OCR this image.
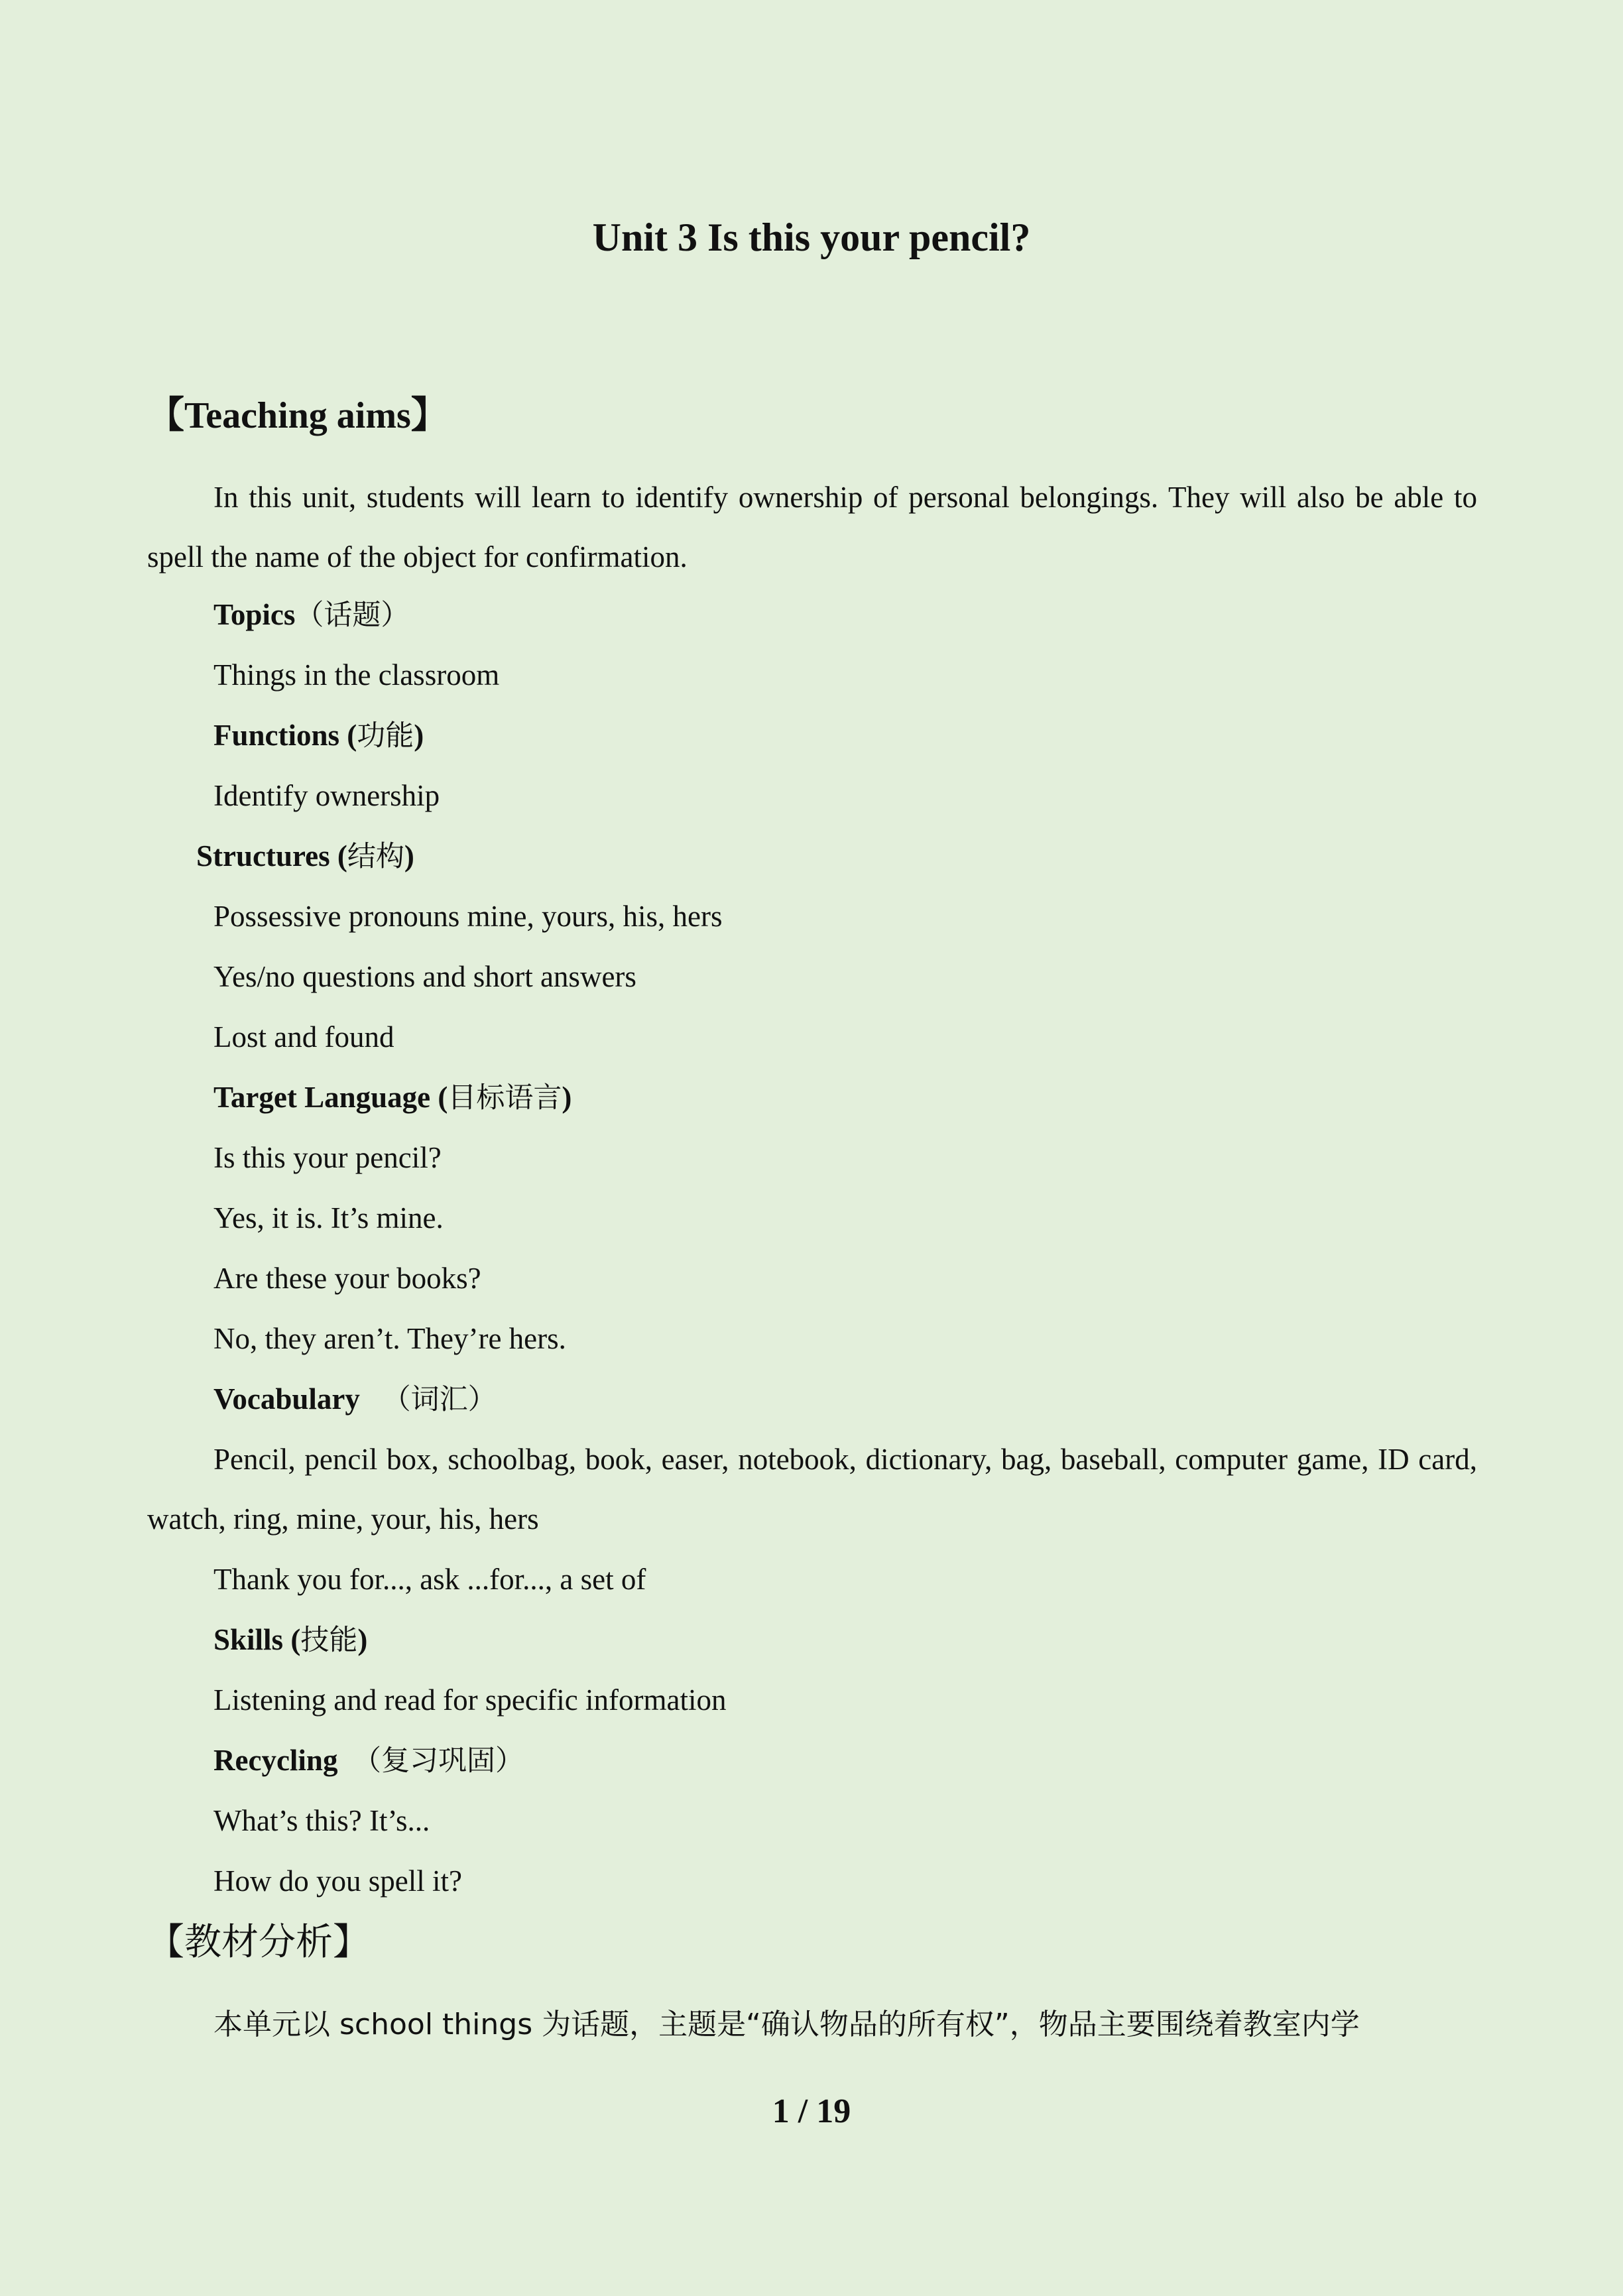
Unit 3 Is this your pencil?
【Teaching aims】
In this unit, students will learn to identify ownership of personal belongings. They will also be able to spell the name of the object for confirmation.
Topics（话题）
Things in the classroom
Functions (功能)
Identify ownership
Structures (结构)
Possessive pronouns mine, yours, his, hers
Yes/no questions and short answers
Lost and found
Target Language (目标语言)
Is this your pencil?
Yes, it is. It’s mine.
Are these your books?
No, they aren’t. They’re hers.
Vocabulary （词汇）
Pencil, pencil box, schoolbag, book, easer, notebook, dictionary, bag, baseball, computer game, ID card, watch, ring, mine, your, his, hers
Thank you for..., ask ...for..., a set of
Skills (技能)
Listening and read for specific information
Recycling （复习巩固）
What’s this? It’s...
How do you spell it?
【教材分析】
本单元以 school things 为话题，主题是“确认物品的所有权”，物品主要围绕着教室内学
1 / 19
